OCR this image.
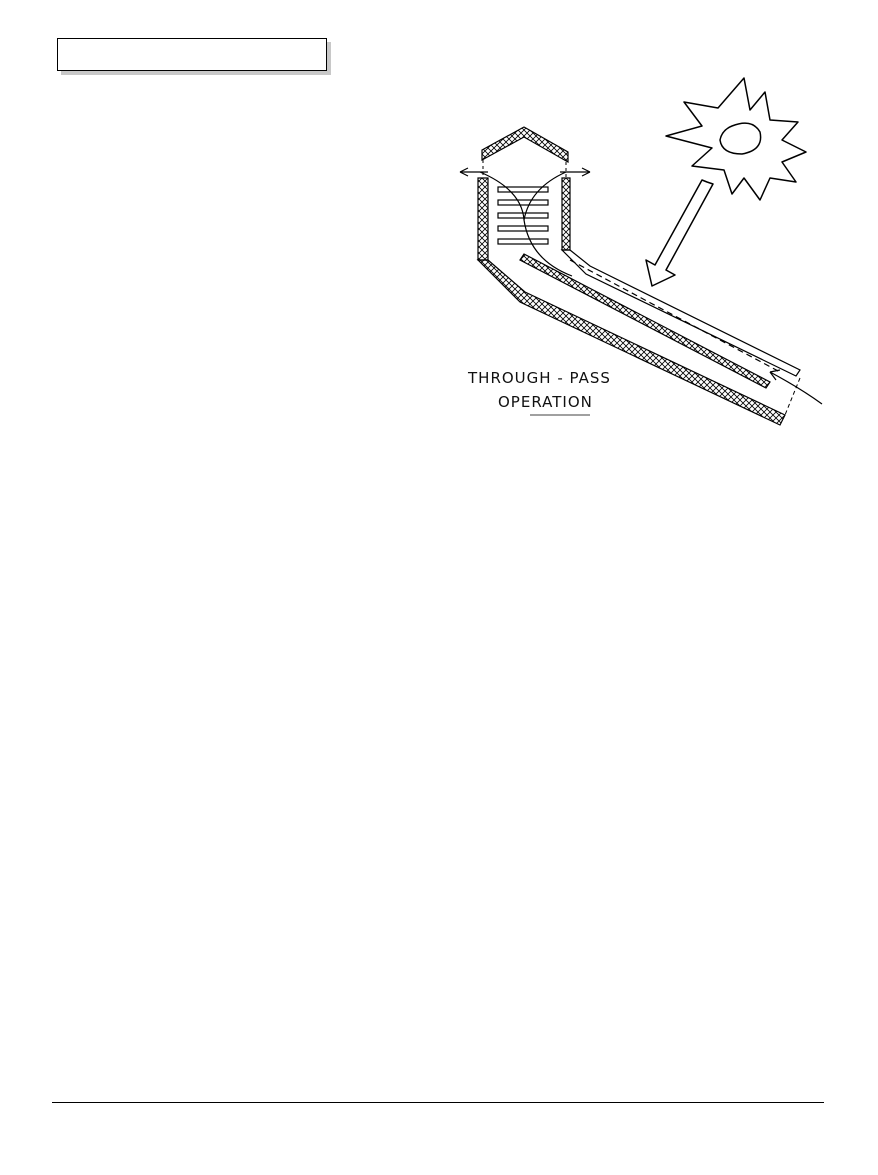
THROUGH - PASS
OPERATION
